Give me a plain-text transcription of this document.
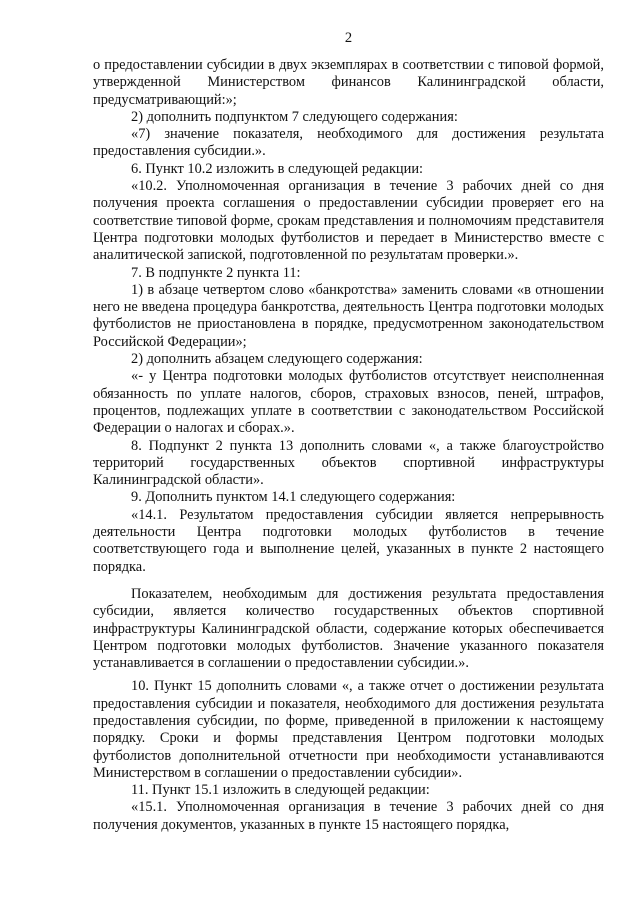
2

о предоставлении субсидии в двух экземплярах в соответствии с типовой формой, утвержденной Министерством финансов Калининградской области, предусматривающий:»;

2) дополнить подпунктом 7 следующего содержания:

«7) значение показателя, необходимого для достижения результата предоставления субсидии.».

6. Пункт 10.2 изложить в следующей редакции:

«10.2. Уполномоченная организация в течение 3 рабочих дней со дня получения проекта соглашения о предоставлении субсидии проверяет его на соответствие типовой форме, срокам представления и полномочиям представителя Центра подготовки молодых футболистов и передает в Министерство вместе с аналитической запиской, подготовленной по результатам проверки.».

7. В подпункте 2 пункта 11:

1) в абзаце четвертом слово «банкротства» заменить словами «в отношении него не введена процедура банкротства, деятельность Центра подготовки молодых футболистов не приостановлена в порядке, предусмотренном законодательством Российской Федерации»;

2) дополнить абзацем следующего содержания:

«- у Центра подготовки молодых футболистов отсутствует неисполненная обязанность по уплате налогов, сборов, страховых взносов, пеней, штрафов, процентов, подлежащих уплате в соответствии с законодательством Российской Федерации о налогах и сборах.».

8. Подпункт 2 пункта 13 дополнить словами «, а также благоустройство территорий государственных объектов спортивной инфраструктуры Калининградской области».

9. Дополнить пунктом 14.1 следующего содержания:

«14.1. Результатом предоставления субсидии является непрерывность деятельности Центра подготовки молодых футболистов в течение соответствующего года и выполнение целей, указанных в пункте 2 настоящего порядка.

Показателем, необходимым для достижения результата предоставления субсидии, является количество государственных объектов спортивной инфраструктуры Калининградской области, содержание которых обеспечивается Центром подготовки молодых футболистов. Значение указанного показателя устанавливается в соглашении о предоставлении субсидии.».

10. Пункт 15 дополнить словами «, а также отчет о достижении результата предоставления субсидии и показателя, необходимого для достижения результата предоставления субсидии, по форме, приведенной в приложении к настоящему порядку. Сроки и формы представления Центром подготовки молодых футболистов дополнительной отчетности при необходимости устанавливаются Министерством в соглашении о предоставлении субсидии».

11. Пункт 15.1 изложить в следующей редакции:

«15.1. Уполномоченная организация в течение 3 рабочих дней со дня получения документов, указанных в пункте 15 настоящего порядка,
